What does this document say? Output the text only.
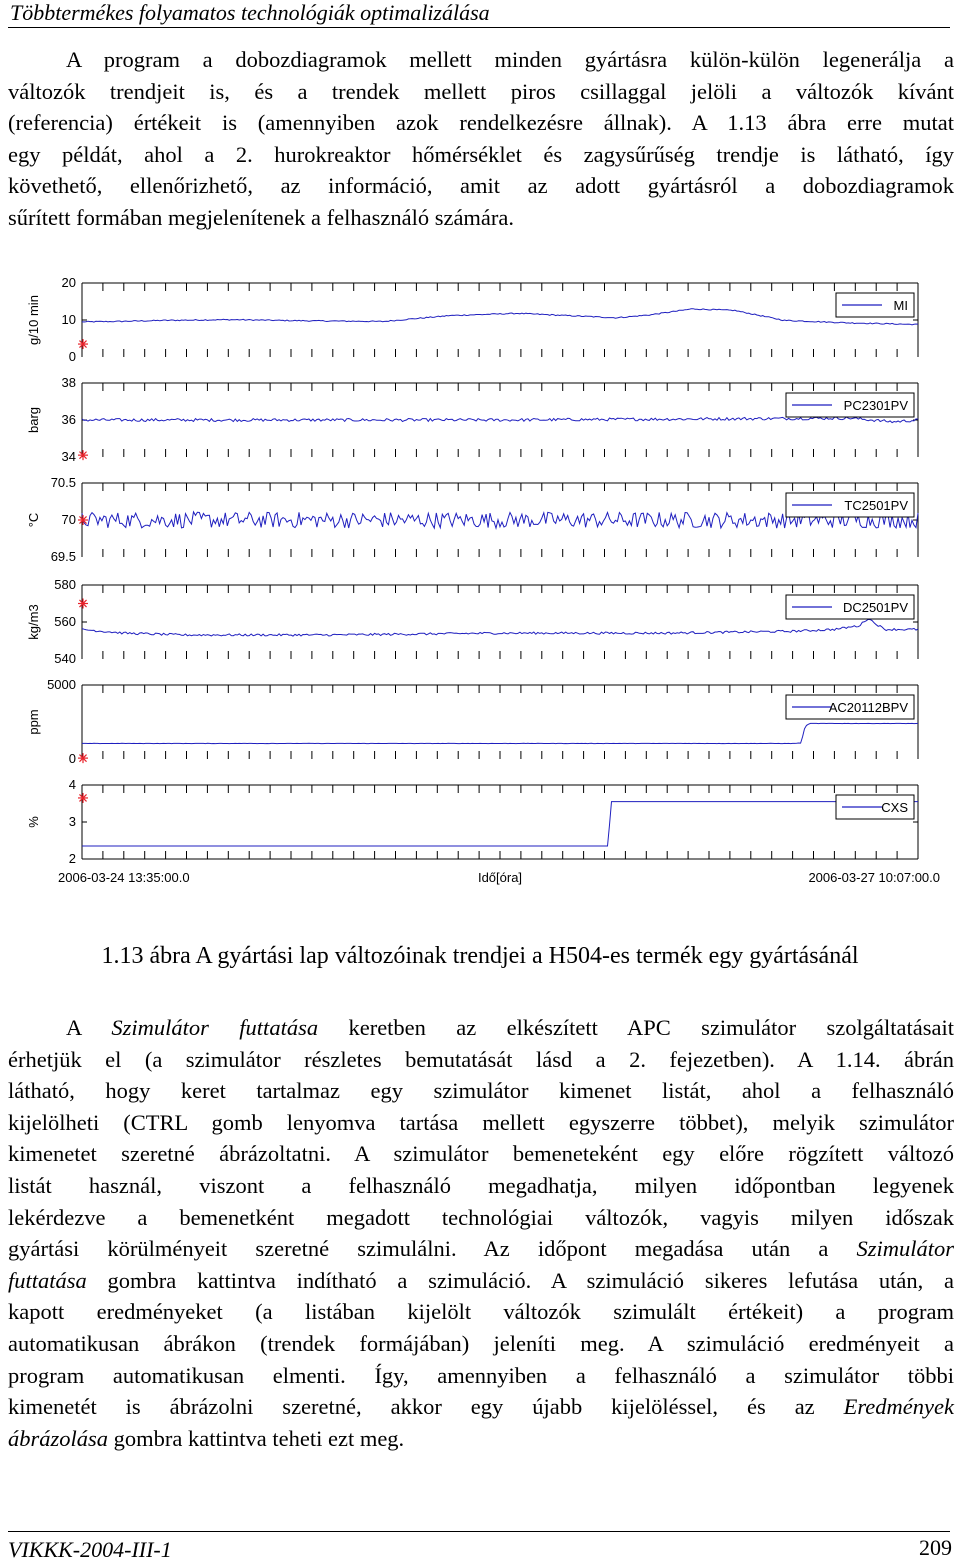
Többtermékes folyamatos technológiák optimalizálása
A program a dobozdiagramok mellett minden gyártásra külön-külön legenerálja a
változók trendjeit is, és a trendek mellett piros csillaggal jelöli a változók kívánt
(referencia) értékeit is (amennyiben azok rendelkezésre állnak). A 1.13 ábra erre mutat
egy példát, ahol a 2. hurokreaktor hőmérséklet és zagysűrűség trendje is látható, így
követhető, ellenőrizhető, az információ, amit az adott gyártásról a dobozdiagramok
sűrített formában megjelenítenek a felhasználó számára.
20
10
0
g/10 min	MI
38
36
34
barg
PC2301PV
70.5
70
69.5
°C
TC2501PV
580
560
540
kg/m3	DC2501PV
5000
0
ppm
AC20112BPV
4
3
2
%
CXS
2006-03-24 13:35:00.0	Idő[óra]	2006-03-27 10:07:00.0
1.13 ábra A gyártási lap változóinak trendjei a H504-es termék egy gyártásánál
A Szimulátor futtatása keretben az elkészített APC szimulátor szolgáltatásait
érhetjük el (a szimulátor részletes bemutatását lásd a 2. fejezetben). A 1.14. ábrán
látható, hogy keret tartalmaz egy szimulátor kimenet listát, ahol a felhasználó
kijelölheti (CTRL gomb lenyomva tartása mellett egyszerre többet), melyik szimulátor
kimenetet szeretné ábrázoltatni. A szimulátor bemeneteként egy előre rögzített változó
listát használ, viszont a felhasználó megadhatja, milyen időpontban legyenek
lekérdezve a bemenetként megadott technológiai változók, vagyis milyen időszak
gyártási körülményeit szeretné szimulálni. Az időpont megadása után a Szimulátor
futtatása gombra kattintva indítható a szimuláció. A szimuláció sikeres lefutása után, a
kapott eredményeket (a listában kijelölt változók szimulált értékeit) a program
automatikusan ábrákon (trendek formájában) jeleníti meg. A szimuláció eredményeit a
program automatikusan elmenti. Így, amennyiben a felhasználó a szimulátor többi
kimenetét is ábrázolni szeretné, akkor egy újabb kijelöléssel, és az Eredmények
ábrázolása gombra kattintva teheti ezt meg.
VIKKK-2004-III-1	209
